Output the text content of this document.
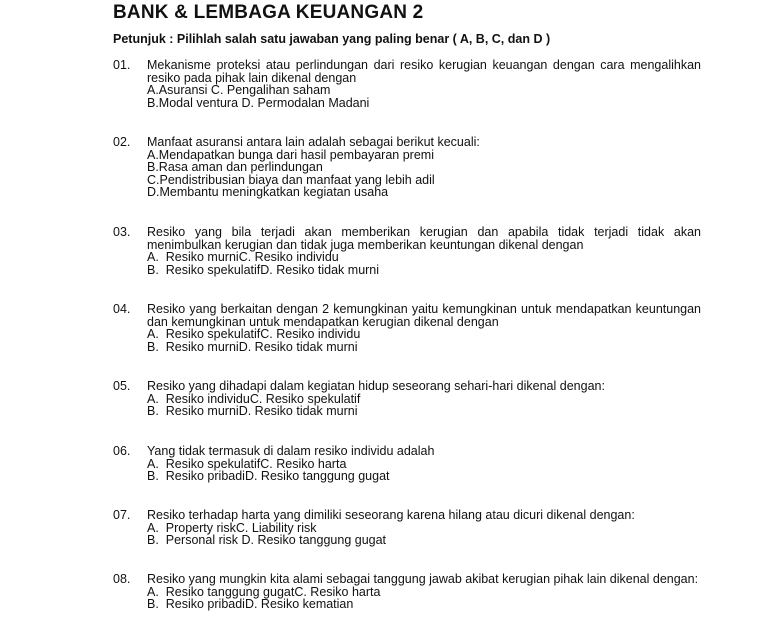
BANK & LEMBAGA KEUANGAN 2
Petunjuk : Pilihlah salah satu jawaban yang paling benar ( A, B, C, dan D )
01. Mekanisme proteksi atau perlindungan dari resiko kerugian keuangan dengan cara mengalihkan resiko pada pihak lain dikenal dengan
A.Asuransi C. Pengalihan saham
B.Modal ventura D. Permodalan Madani
02. Manfaat asuransi antara lain adalah sebagai berikut kecuali:
A.Mendapatkan bunga dari hasil pembayaran premi
B.Rasa aman dan perlindungan
C.Pendistribusian biaya dan manfaat yang lebih adil
D.Membantu meningkatkan kegiatan usaha
03. Resiko yang bila terjadi akan memberikan kerugian dan apabila tidak terjadi tidak akan menimbulkan kerugian dan tidak juga memberikan keuntungan dikenal dengan
A.  Resiko murniC. Resiko individu
B.  Resiko spekulatifD. Resiko tidak murni
04. Resiko yang berkaitan dengan 2 kemungkinan yaitu kemungkinan untuk mendapatkan keuntungan dan kemungkinan untuk mendapatkan kerugian dikenal dengan
A.  Resiko spekulatifC. Resiko individu
B.  Resiko murniD. Resiko tidak murni
05. Resiko yang dihadapi dalam kegiatan hidup seseorang sehari-hari dikenal dengan:
A.  Resiko individuC. Resiko spekulatif
B.  Resiko murniD. Resiko tidak murni
06. Yang tidak termasuk di dalam resiko individu adalah
A.  Resiko spekulatifC. Resiko harta
B.  Resiko pribadiD. Resiko tanggung gugat
07. Resiko terhadap harta yang dimiliki seseorang karena hilang atau dicuri dikenal dengan:
A.  Property riskC. Liability risk
B.  Personal risk D. Resiko tanggung gugat
08. Resiko yang mungkin kita alami sebagai tanggung jawab akibat kerugian pihak lain dikenal dengan:
A.  Resiko tanggung gugatC. Resiko harta
B.  Resiko pribadiD. Resiko kematian
